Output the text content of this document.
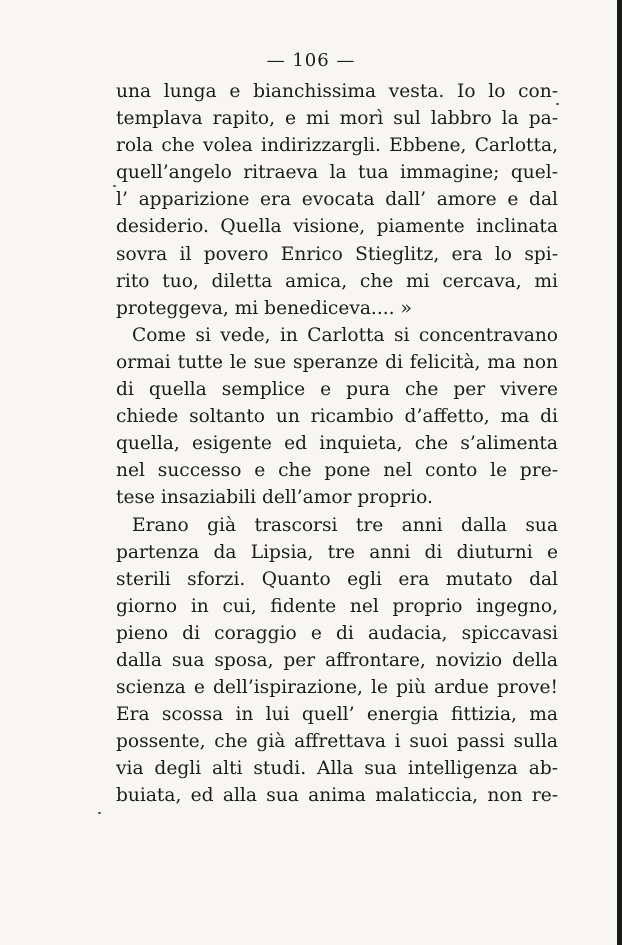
— 106 —
una lunga e bianchissima vesta. Io lo con-
templava rapito, e mi morì sul labbro la pa-
rola che volea indirizzargli. Ebbene, Carlotta,
quell’angelo ritraeva la tua immagine; quel-
l’ apparizione era evocata dall’ amore e dal
desiderio. Quella visione, piamente inclinata
sovra il povero Enrico Stieglitz, era lo spi-
rito tuo, diletta amica, che mi cercava, mi
proteggeva, mi benediceva.... »
Come si vede, in Carlotta si concentravano
ormai tutte le sue speranze di felicità, ma non
di quella semplice e pura che per vivere
chiede soltanto un ricambio d’affetto, ma di
quella, esigente ed inquieta, che s’alimenta
nel successo e che pone nel conto le pre-
tese insaziabili dell’amor proprio.
Erano già trascorsi tre anni dalla sua
partenza da Lipsia, tre anni di diuturni e
sterili sforzi. Quanto egli era mutato dal
giorno in cui, fidente nel proprio ingegno,
pieno di coraggio e di audacia, spiccavasi
dalla sua sposa, per affrontare, novizio della
scienza e dell’ispirazione, le più ardue prove!
Era scossa in lui quell’ energia fittizia, ma
possente, che già affrettava i suoi passi sulla
via degli alti studi. Alla sua intelligenza ab-
buiata, ed alla sua anima malaticcia, non re-
